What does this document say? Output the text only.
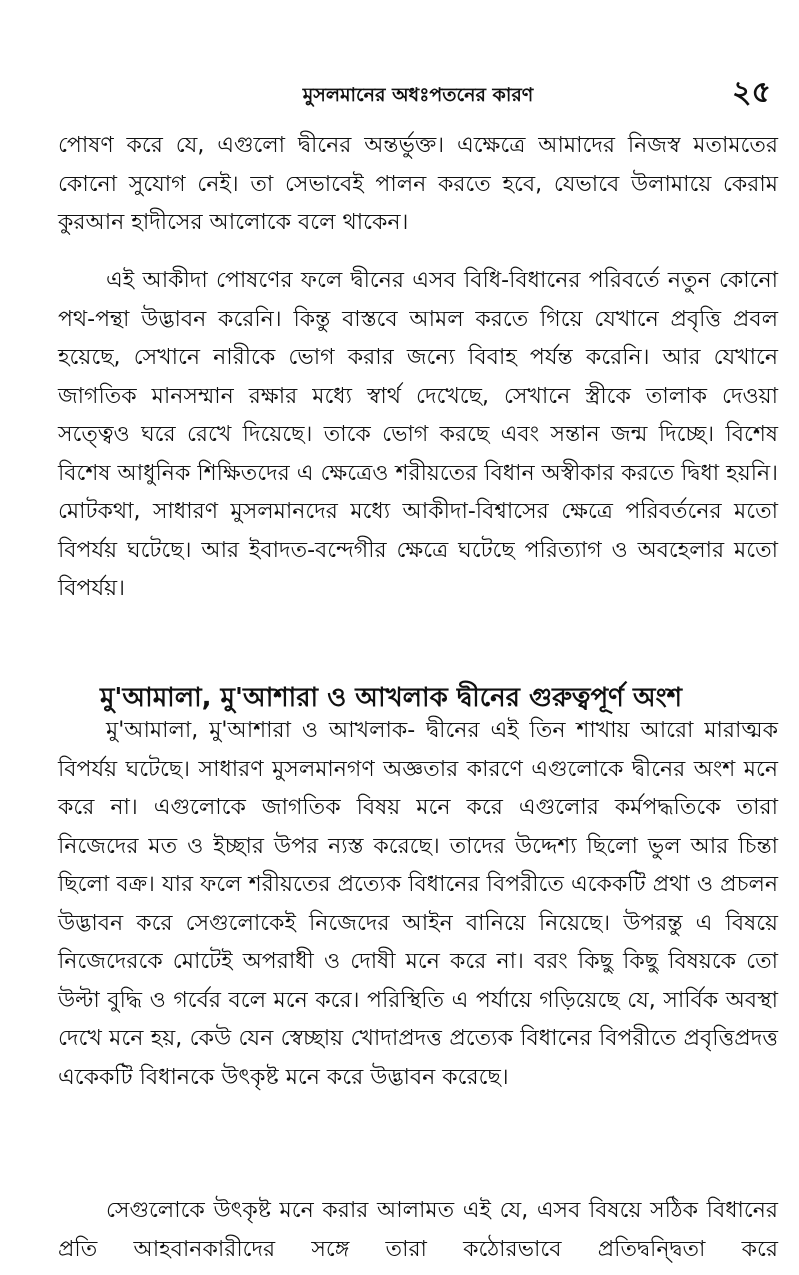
মুসলমানের অধঃপতনের কারণ	২৫

পোষণ করে যে, এগুলো দ্বীনের অন্তর্ভুক্ত। এক্ষেত্রে আমাদের নিজস্ব মতামতের কোনো সুযোগ নেই। তা সেভাবেই পালন করতে হবে, যেভাবে উলামায়ে কেরাম কুরআন হাদীসের আলোকে বলে থাকেন।

এই আকীদা পোষণের ফলে দ্বীনের এসব বিধি-বিধানের পরিবর্তে নতুন কোনো পথ-পন্থা উদ্ভাবন করেনি। কিন্তু বাস্তবে আমল করতে গিয়ে যেখানে প্রবৃত্তি প্রবল হয়েছে, সেখানে নারীকে ভোগ করার জন্যে বিবাহ পর্যন্ত করেনি। আর যেখানে জাগতিক মানসম্মান রক্ষার মধ্যে স্বার্থ দেখেছে, সেখানে স্ত্রীকে তালাক দেওয়া সত্ত্বেও ঘরে রেখে দিয়েছে। তাকে ভোগ করছে এবং সন্তান জন্ম দিচ্ছে। বিশেষ বিশেষ আধুনিক শিক্ষিতদের এ ক্ষেত্রেও শরীয়তের বিধান অস্বীকার করতে দ্বিধা হয়নি। মোটকথা, সাধারণ মুসলমানদের মধ্যে আকীদা-বিশ্বাসের ক্ষেত্রে পরিবর্তনের মতো বিপর্যয় ঘটেছে। আর ইবাদত-বন্দেগীর ক্ষেত্রে ঘটেছে পরিত্যাগ ও অবহেলার মতো বিপর্যয়।

মু'আমালা, মু'আশারা ও আখলাক দ্বীনের গুরুত্বপূর্ণ অংশ

মু'আমালা, মু'আশারা ও আখলাক- দ্বীনের এই তিন শাখায় আরো মারাত্মক বিপর্যয় ঘটেছে। সাধারণ মুসলমানগণ অজ্ঞতার কারণে এগুলোকে দ্বীনের অংশ মনে করে না। এগুলোকে জাগতিক বিষয় মনে করে এগুলোর কর্মপদ্ধতিকে তারা নিজেদের মত ও ইচ্ছার উপর ন্যস্ত করেছে। তাদের উদ্দেশ্য ছিলো ভুল আর চিন্তা ছিলো বক্র। যার ফলে শরীয়তের প্রত্যেক বিধানের বিপরীতে একেকটি প্রথা ও প্রচলন উদ্ভাবন করে সেগুলোকেই নিজেদের আইন বানিয়ে নিয়েছে। উপরন্তু এ বিষয়ে নিজেদেরকে মোটেই অপরাধী ও দোষী মনে করে না। বরং কিছু কিছু বিষয়কে তো উল্টা বুদ্ধি ও গর্বের বলে মনে করে। পরিস্থিতি এ পর্যায়ে গড়িয়েছে যে, সার্বিক অবস্থা দেখে মনে হয়, কেউ যেন স্বেচ্ছায় খোদাপ্রদত্ত প্রত্যেক বিধানের বিপরীতে প্রবৃত্তিপ্রদত্ত একেকটি বিধানকে উৎকৃষ্ট মনে করে উদ্ভাবন করেছে।

সেগুলোকে উৎকৃষ্ট মনে করার আলামত এই যে, এসব বিষয়ে সঠিক বিধানের প্রতি আহবানকারীদের সঙ্গে তারা কঠোরভাবে প্রতিদ্বন্দ্বিতা করে
